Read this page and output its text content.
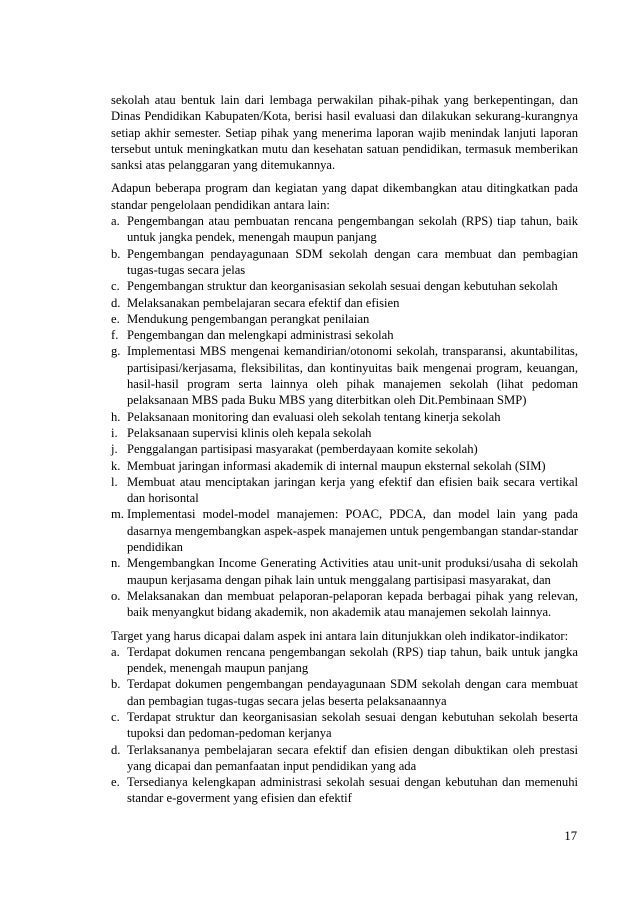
sekolah atau bentuk lain dari lembaga perwakilan pihak-pihak yang berkepentingan, dan Dinas Pendidikan Kabupaten/Kota, berisi hasil evaluasi dan dilakukan sekurang-kurangnya setiap akhir semester. Setiap pihak yang menerima laporan wajib menindak lanjuti laporan tersebut untuk meningkatkan mutu dan kesehatan satuan pendidikan, termasuk memberikan sanksi atas pelanggaran yang ditemukannya.

Adapun beberapa program dan kegiatan yang dapat dikembangkan atau ditingkatkan pada standar pengelolaan pendidikan antara lain:

a. Pengembangan atau pembuatan rencana pengembangan sekolah (RPS) tiap tahun, baik untuk jangka pendek, menengah maupun panjang
b. Pengembangan pendayagunaan SDM sekolah dengan cara membuat dan pembagian tugas-tugas secara jelas
c. Pengembangan struktur dan keorganisasian sekolah sesuai dengan kebutuhan sekolah
d. Melaksanakan pembelajaran secara efektif dan efisien
e. Mendukung pengembangan perangkat penilaian
f. Pengembangan dan melengkapi administrasi sekolah
g. Implementasi MBS mengenai kemandirian/otonomi sekolah, transparansi, akuntabilitas, partisipasi/kerjasama, fleksibilitas, dan kontinyuitas baik mengenai program, keuangan, hasil-hasil program serta lainnya oleh pihak manajemen sekolah (lihat pedoman pelaksanaan MBS pada Buku MBS yang diterbitkan oleh Dit.Pembinaan SMP)
h. Pelaksanaan monitoring dan evaluasi oleh sekolah tentang kinerja sekolah
i. Pelaksanaan supervisi klinis oleh kepala sekolah
j. Penggalangan partisipasi masyarakat (pemberdayaan komite sekolah)
k. Membuat jaringan informasi akademik di internal maupun eksternal sekolah (SIM)
l. Membuat atau menciptakan jaringan kerja yang efektif dan efisien baik secara vertikal dan horisontal
m. Implementasi model-model manajemen: POAC, PDCA, dan model lain yang pada dasarnya mengembangkan aspek-aspek manajemen untuk pengembangan standar-standar pendidikan
n. Mengembangkan Income Generating Activities atau unit-unit produksi/usaha di sekolah maupun kerjasama dengan pihak lain untuk menggalang partisipasi masyarakat, dan
o. Melaksanakan dan membuat pelaporan-pelaporan kepada berbagai pihak yang relevan, baik menyangkut bidang akademik, non akademik atau manajemen sekolah lainnya.

Target yang harus dicapai dalam aspek ini antara lain ditunjukkan oleh indikator-indikator:

a. Terdapat dokumen rencana pengembangan sekolah (RPS) tiap tahun, baik untuk jangka pendek, menengah maupun panjang
b. Terdapat dokumen pengembangan pendayagunaan SDM sekolah dengan cara membuat dan pembagian tugas-tugas secara jelas beserta pelaksanaannya
c. Terdapat struktur dan keorganisasian sekolah sesuai dengan kebutuhan sekolah beserta tupoksi dan pedoman-pedoman kerjanya
d. Terlaksananya pembelajaran secara efektif dan efisien dengan dibuktikan oleh prestasi yang dicapai dan pemanfaatan input pendidikan yang ada
e. Tersedianya kelengkapan administrasi sekolah sesuai dengan kebutuhan dan memenuhi standar e-goverment yang efisien dan efektif
17
